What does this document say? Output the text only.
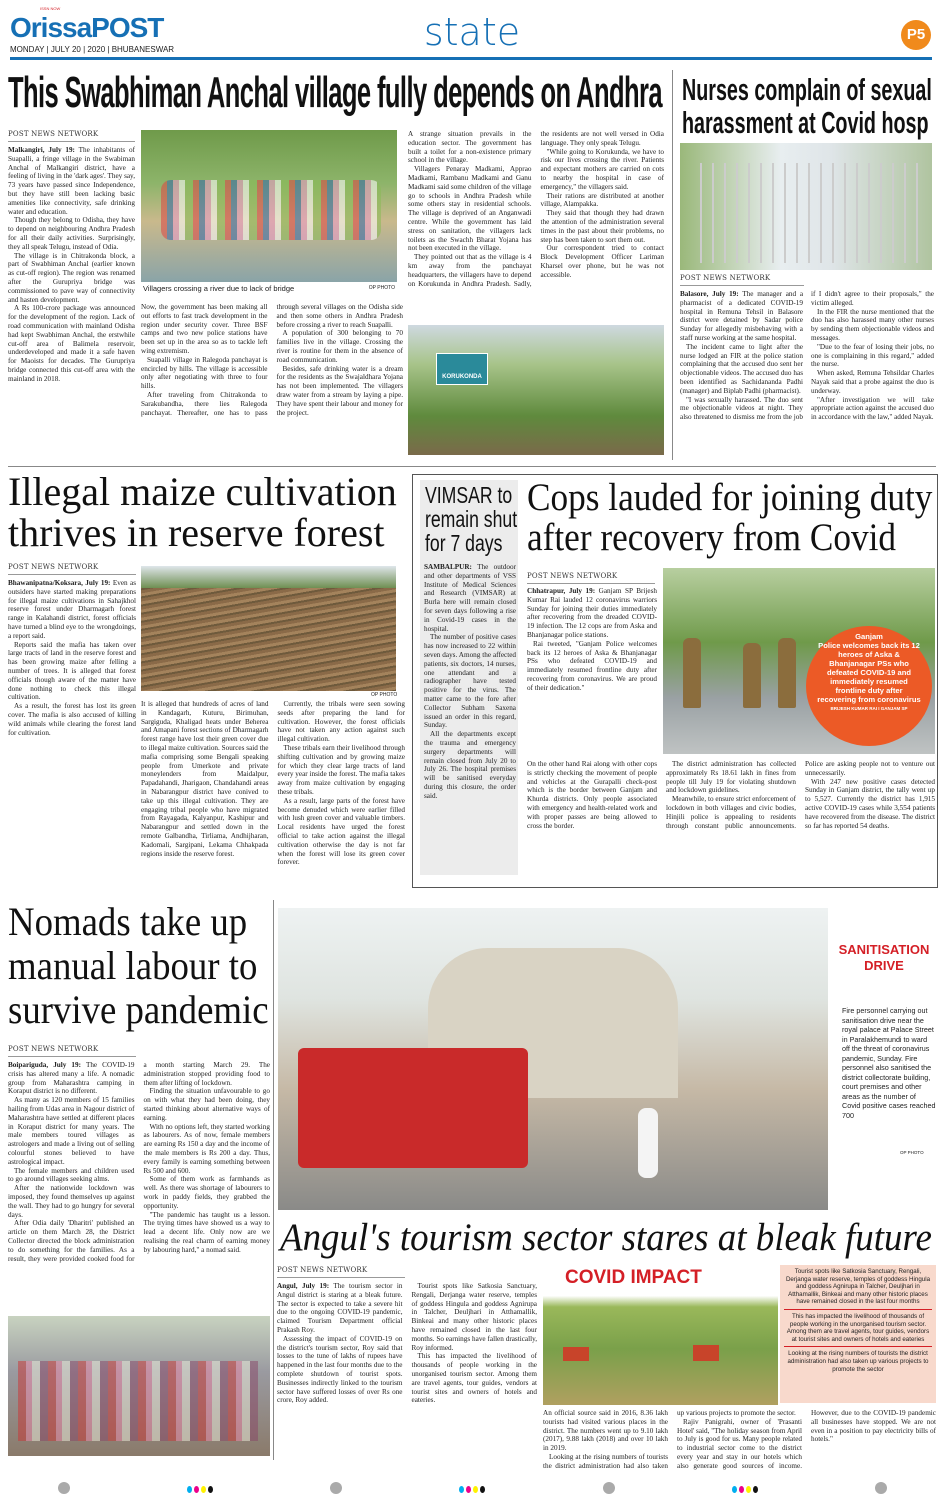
OrissaPOST
ISSN NOW
MONDAY | JULY 20 | 2020 | BHUBANESWAR	state	P5
This Swabhiman Anchal village fully depends on Andhra
POST NEWS NETWORK

Malkangiri, July 19: The inhabitants of Suapalli, a fringe village in the Swabiman Anchal of Malkangiri district, have a feeling of living in the 'dark ages'. They say, 73 years have passed since Independence, but they have still been lacking basic amenities like connectivity, safe drinking water and education.

Though they belong to Odisha, they have to depend on neighbouring Andhra Pradesh for all their daily activities. Surprisingly, they all speak Telugu, instead of Odia.

The village is in Chitrakonda block, a part of Swabhiman Anchal (earlier known as cut-off region). The region was renamed after the Gurupriya bridge was commissioned to pave way of connectivity and hasten development.

A Rs 100-crore package was announced for the development of the region. Lack of road communication with mainland Odisha had kept Swabhiman Anchal, the erstwhile cut-off area of Balimela reservoir, underdeveloped and made it a safe haven for Maoists for decades. The Gurupriya bridge connected this cut-off area with the mainland in 2018.

Villagers crossing a river due to lack of bridge	OP PHOTO

Now, the government has been making all out efforts to fast track development in the region under security cover. Three BSF camps and two new police stations have been set up in the area so as to tackle left wing extremism.

Suapalli village in Ralegoda panchayat is encircled by hills. The village is accessible only after negotiating with three to four hills.

After traveling from Chitrakonda to Sarakubandha, there lies Ralegoda panchayat. Thereafter, one has to pass through several villages on the Odisha side and then some others in Andhra Pradesh before crossing a river to reach Suapalli.

A population of 300 belonging to 70 families live in the village. Crossing the river is routine for them in the absence of road communication.

Besides, safe drinking water is a dream for the residents as the Swajaldhara Yojana has not been implemented. The villagers draw water from a stream by laying a pipe. They have spent their labour and money for the project.

A strange situation prevails in the education sector. The government has built a toilet for a non-existence primary school in the village.

Villagers Penaray Madkami, Apprao Madkami, Rambanu Madkami and Ganu Madkami said some children of the village go to schools in Andhra Pradesh while some others stay in residential schools. The village is deprived of an Anganwadi centre. While the government has laid stress on sanitation, the villagers lack toilets as the Swachh Bharat Yojana has not been executed in the village.

They pointed out that as the village is 4 km away from the panchayat headquarters, the villagers have to depend on Korukunda in Andhra Pradesh. Sadly, the residents are not well versed in Odia language. They only speak Telugu.

"While going to Korukunda, we have to risk our lives crossing the river. Patients and expectant mothers are carried on cots to nearby the hospital in case of emergency," the villagers said.

Their rations are distributed at another village, Alampakka.

They said that though they had drawn the attention of the administration several times in the past about their problems, no step has been taken to sort them out.

Our correspondent tried to contact Block Development Officer Lariman Kharsel over phone, but he was not accessible.

KORUKONDA
Nurses complain of sexual
harassment at Covid hosp
POST NEWS NETWORK

Balasore, July 19: The manager and a pharmacist of a dedicated COVID-19 hospital in Remuna Tehsil in Balasore district were detained by Sadar police Sunday for allegedly misbehaving with a staff nurse working at the same hospital.

The incident came to light after the nurse lodged an FIR at the police station complaining that the accused duo sent her objectionable videos. The accused duo has been identified as Sachidananda Padhi (manager) and Biplab Padhi (pharmacist).

"I was sexually harassed. The duo sent me objectionable videos at night. They also threatened to dismiss me from the job if I didn't agree to their proposals," the victim alleged.

In the FIR the nurse mentioned that the duo has also harassed many other nurses by sending them objectionable videos and messages.

"Due to the fear of losing their jobs, no one is complaining in this regard," added the nurse.

When asked, Remuna Tehsildar Charles Nayak said that a probe against the duo is underway.

"After investigation we will take appropriate action against the accused duo in accordance with the law," added Nayak.

Illegal maize cultivation thrives in reserve forest
POST NEWS NETWORK

Bhawanipatna/Koksara, July 19: Even as outsiders have started making preparations for illegal maize cultivations in Sahajkhol reserve forest under Dharmagarh forest range in Kalahandi district, forest officials have turned a blind eye to the wrongdoings, a report said.

Reports said the mafia has taken over large tracts of land in the reserve forest and has been growing maize after felling a number of trees. It is alleged that forest officials though aware of the matter have done nothing to check this illegal cultivation.

As a result, the forest has lost its green cover. The mafia is also accused of killing wild animals while clearing the forest land for cultivation.

OP PHOTO

It is alleged that hundreds of acres of land in Kandagarh, Kuturu, Birimuhan, Sargiguda, Khaligad heats under Beherea and Amapani forest sections of Dharmagarh forest range have lost their green cover due to illegal maize cultivation. Sources said the mafia comprising some Bengali speaking people from Umerkote and private moneylenders from Maidalpur, Papadahandi, Jharigaon, Chandahandi areas in Nabarangpur district have conived to take up this illegal cultivation. They are engaging tribal people who have migrated from Rayagada, Kalyanpur, Kashipur and Nabarangpur and settled down in the remote Galbandha, Tirliama, Andhijharan, Kadomali, Sargipani, Lekama Chhakpada regions inside the reserve forest.

Currently, the tribals were seen sowing seeds after preparing the land for cultivation. However, the forest officials have not taken any action against such illegal cultivation.

These tribals earn their livelihood through shifting cultivation and by growing maize for which they clear large tracts of land every year inside the forest. The mafia takes away from maize cultivation by engaging these tribals.

As a result, large parts of the forest have become denuded which were earlier filled with lush green cover and valuable timbers. Local residents have urged the forest official to take action against the illegal cultivation otherwise the day is not far when the forest will lose its green cover forever.

VIMSAR to
remain shut
for 7 days

SAMBALPUR: The outdoor and other departments of VSS Institute of Medical Sciences and Research (VIMSAR) at Burla here will remain closed for seven days following a rise in Covid-19 cases in the hospital.

The number of positive cases has now increased to 22 within seven days. Among the affected patients, six doctors, 14 nurses, one attendant and a radiographer have tested positive for the virus. The matter came to the fore after Collector Subham Saxena issued an order in this regard, Sunday.

All the departments except the trauma and emergency surgery departments will remain closed from July 20 to July 26. The hospital premises will be sanitised everyday during this closure, the order said.

Cops lauded for joining duty
after recovery from Covid
POST NEWS NETWORK

Chhatrapur, July 19: Ganjam SP Brijesh Kumar Rai lauded 12 coronavirus warriors Sunday for joining their duties immediately after recovering from the dreaded COVID-19 infection. The 12 cops are from Aska and Bhanjanagar police stations.

Rai tweeted, "Ganjam Police welcomes back its 12 heroes of Aska & Bhanjanagar PSs who defeated COVID-19 and immediately resumed frontline duty after recovering from coronavirus. We are proud of their dedication."

Ganjam
Police welcomes back its 12 heroes of Aska & Bhanjanagar PSs who defeated COVID-19 and immediately resumed frontline duty after recovering from coronavirus
BRIJESH KUMAR RAI I GANJAM SP

On the other hand Rai along with other cops is strictly checking the movement of people and vehicles at the Gurapalli check-post which is the border between Ganjam and Khurda districts. Only people associated with emergency and health-related work and with proper passes are being allowed to cross the border.

The district administration has collected approximately Rs 18.61 lakh in fines from people till July 19 for violating shutdown and lockdown guidelines.

Meanwhile, to ensure strict enforcement of lockdown in both villages and civic bodies, Hinjili police is appealing to residents through constant public announcements. Police are asking people not to venture out unnecessarily.

With 247 new positive cases detected Sunday in Ganjam district, the tally went up to 5,527. Currently the district has 1,915 active COVID-19 cases while 3,554 patients have recovered from the disease. The district so far has reported 54 deaths.

Nomads take up manual labour to survive pandemic
POST NEWS NETWORK

Boipariguda, July 19: The COVID-19 crisis has altered many a life. A nomadic group from Maharashtra camping in Koraput district is no different.

As many as 120 members of 15 families hailing from Udas area in Nagour district of Maharashtra have settled at different places in Koraput district for many years. The male members toured villages as astrologers and made a living out of selling colourful stones believed to have astrological impact.

The female members and children used to go around villages seeking alms.

After the nationwide lockdown was imposed, they found themselves up against the wall. They had to go hungry for several days.

After Odia daily 'Dharitri' published an article on them March 28, the District Collector directed the block administration to do something for the families. As a result, they were provided cooked food for a month starting March 29. The administration stopped providing food to them after lifting of lockdown.

Finding the situation unfavourable to go on with what they had been doing, they started thinking about alternative ways of earning.

With no options left, they started working as labourers. As of now, female members are earning Rs 150 a day and the income of the male members is Rs 200 a day. Thus, every family is earning something between Rs 500 and 600.

Some of them work as farmhands as well. As there was shortage of labourers to work in paddy fields, they grabbed the opportunity.

"The pandemic has taught us a lesson. The trying times have showed us a way to lead a decent life. Only now are we realising the real charm of earning money by labouring hard," a nomad said.

SANITISATION
DRIVE
Fire personnel carrying out sanitisation drive near the royal palace at Palace Street in Paralakhemundi to ward off the threat of coronavirus pandemic, Sunday. Fire personnel also sanitised the district collectorate building, court premises and other areas as the number of Covid positive cases reached 700
OP PHOTO
Angul's tourism sector stares at bleak future
POST NEWS NETWORK

Angul, July 19: The tourism sector in Angul district is staring at a bleak future. The sector is expected to take a severe hit due to the ongoing COVID-19 pandemic, claimed Tourism Department official Prakash Roy.

Assessing the impact of COVID-19 on the district's tourism sector, Roy said that losses to the tune of lakhs of rupees have happened in the last four months due to the complete shutdown of tourist spots. Businesses indirectly linked to the tourism sector have suffered losses of over Rs one crore, Roy added.

Tourist spots like Satkosia Sanctuary, Rengali, Derjanga water reserve, temples of goddess Hingula and goddess Agnirupa in Talcher, Deuljhari in Atthamallik, Binkeai and many other historic places have remained closed in the last four months. So earnings have fallen drastically, Roy informed.

This has impacted the livelihood of thousands of people working in the unorganised tourism sector. Among them are travel agents, tour guides, vendors at tourist sites and owners of hotels and eateries.

COVID IMPACT	Tourist spots like Satkosia Sanctuary, Rengali, Derjanga water reserve, temples of goddess Hingula and goddess Agnirupa in Talcher, Deuljhari in Atthamallik, Binkeai and many other historic places have remained closed in the last four months
This has impacted the livelihood of thousands of people working in the unorganised tourism sector. Among them are travel agents, tour guides, vendors at tourist sites and owners of hotels and eateries
Looking at the rising numbers of tourists the district administration had also taken up various projects to promote the sector

An official source said in 2016, 8.36 lakh tourists had visited various places in the district. The numbers went up to 9.10 lakh (2017), 9.88 lakh (2018) and over 10 lakh in 2019.

Looking at the rising numbers of tourists the district administration had also taken up various projects to promote the sector.

Rajiv Panigrahi, owner of 'Prasanti Hotel' said, "The holiday season from April to July is good for us. Many people related to industrial sector come to the district every year and stay in our hotels which also generate good sources of income. However, due to the COVID-19 pandemic all businesses have stopped. We are not even in a position to pay electricity bills of hotels."
